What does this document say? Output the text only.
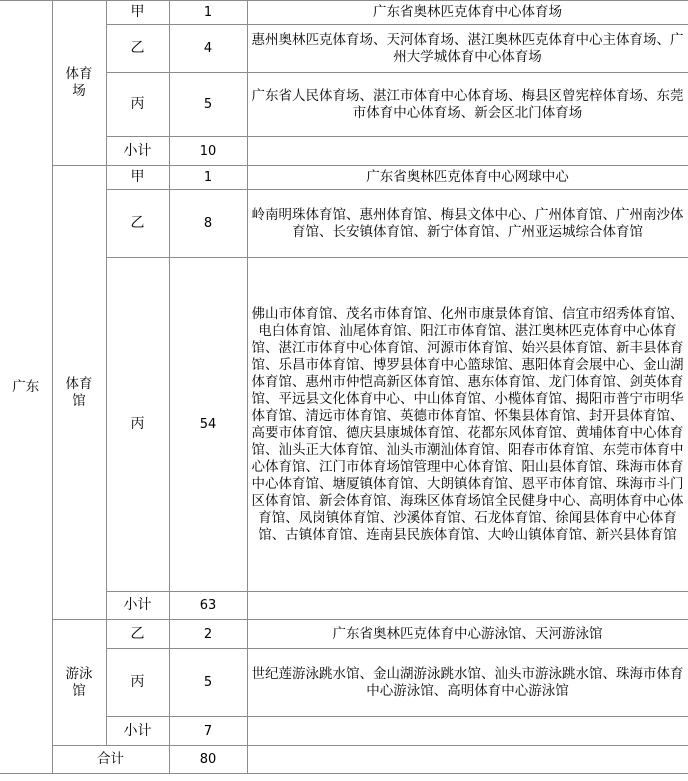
广东	体育场	甲	1	广东省奥林匹克体育中心体育场
		乙	4	惠州奥林匹克体育场、天河体育场、湛江奥林匹克体育中心主体育场、广州大学城体育中心体育场
		丙	5	广东省人民体育场、湛江市体育中心体育场、梅县区曾宪梓体育场、东莞市体育中心体育场、新会区北门体育场
		小计	10	
	体育馆	甲	1	广东省奥林匹克体育中心网球中心
		乙	8	岭南明珠体育馆、惠州体育馆、梅县文体中心、广州体育馆、广州南沙体育馆、长安镇体育馆、新宁体育馆、广州亚运城综合体育馆
		丙	54	佛山市体育馆、茂名市体育馆、化州市康景体育馆、信宜市绍秀体育馆、电白体育馆、汕尾体育馆、阳江市体育馆、湛江奥林匹克体育中心体育馆、湛江市体育中心体育馆、河源市体育馆、始兴县体育馆、新丰县体育馆、乐昌市体育馆、博罗县体育中心篮球馆、惠阳体育会展中心、金山湖体育馆、惠州市仲恺高新区体育馆、惠东体育馆、龙门体育馆、剑英体育馆、平远县文化体育中心、中山体育馆、小榄体育馆、揭阳市普宁市明华体育馆、清远市体育馆、英德市体育馆、怀集县体育馆、封开县体育馆、高要市体育馆、德庆县康城体育馆、花都东风体育馆、黄埔体育中心体育馆、汕头正大体育馆、汕头市潮汕体育馆、阳春市体育馆、东莞市体育中心体育馆、江门市体育场馆管理中心体育馆、阳山县体育馆、珠海市体育中心体育馆、塘厦镇体育馆、大朗镇体育馆、恩平市体育馆、珠海市斗门区体育馆、新会体育馆、海珠区体育场馆全民健身中心、高明体育中心体育馆、凤岗镇体育馆、沙溪体育馆、石龙体育馆、徐闻县体育中心体育馆、古镇体育馆、连南县民族体育馆、大岭山镇体育馆、新兴县体育馆
		小计	63	
	游泳馆	乙	2	广东省奥林匹克体育中心游泳馆、天河游泳馆
		丙	5	世纪莲游泳跳水馆、金山湖游泳跳水馆、汕头市游泳跳水馆、珠海市体育中心游泳馆、高明体育中心游泳馆
		小计	7	
	合计		80	
